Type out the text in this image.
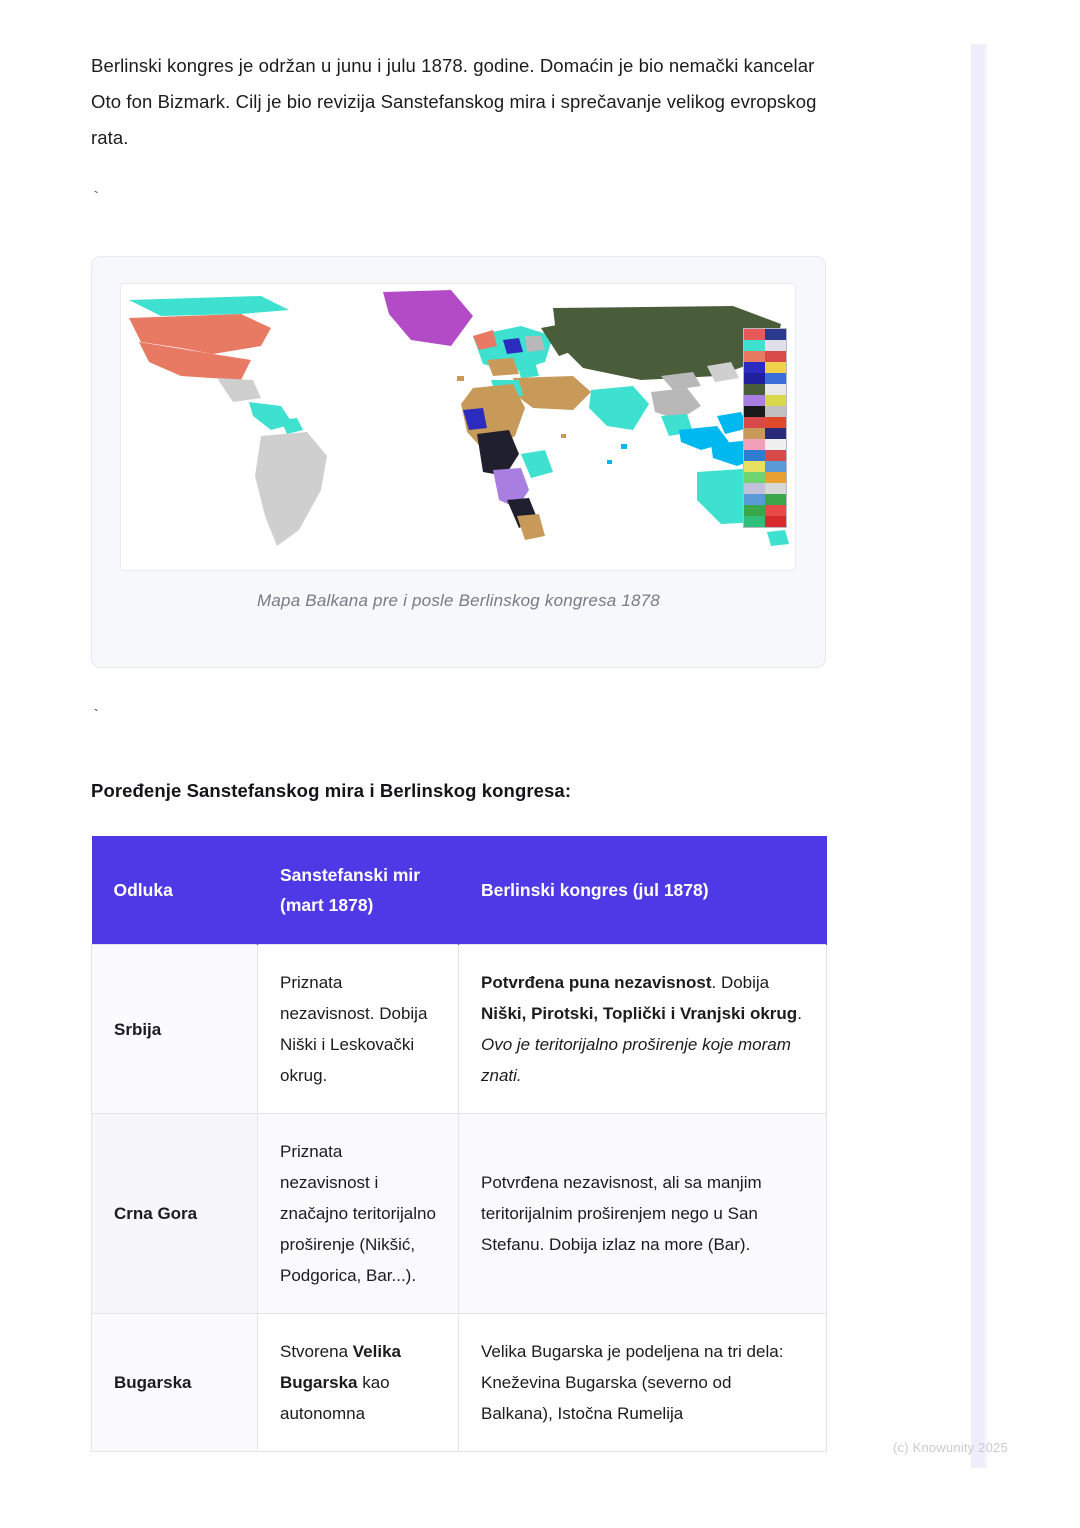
Berlinski kongres je održan u junu i julu 1878. godine. Domaćin je bio nemački kancelar Oto fon Bizmark. Cilj je bio revizija Sanstefanskog mira i sprečavanje velikog evropskog rata.

`

Mapa Balkana pre i posle Berlinskog kongresa 1878

`

Poređenje Sanstefanskog mira i Berlinskog kongresa:
Odluka	Sanstefanski mir (mart 1878)	Berlinski kongres (jul 1878)
Srbija	Priznata nezavisnost. Dobija Niški i Leskovački okrug.	Potvrđena puna nezavisnost. Dobija Niški, Pirotski, Toplički i Vranjski okrug. Ovo je teritorijalno proširenje koje moram znati.
Crna Gora	Priznata nezavisnost i značajno teritorijalno proširenje (Nikšić, Podgorica, Bar...).	Potvrđena nezavisnost, ali sa manjim teritorijalnim proširenjem nego u San Stefanu. Dobija izlaz na more (Bar).
Bugarska	Stvorena Velika Bugarska kao autonomna	Velika Bugarska je podeljena na tri dela: Kneževina Bugarska (severno od Balkana), Istočna Rumelija
(c) Knowunity 2025
